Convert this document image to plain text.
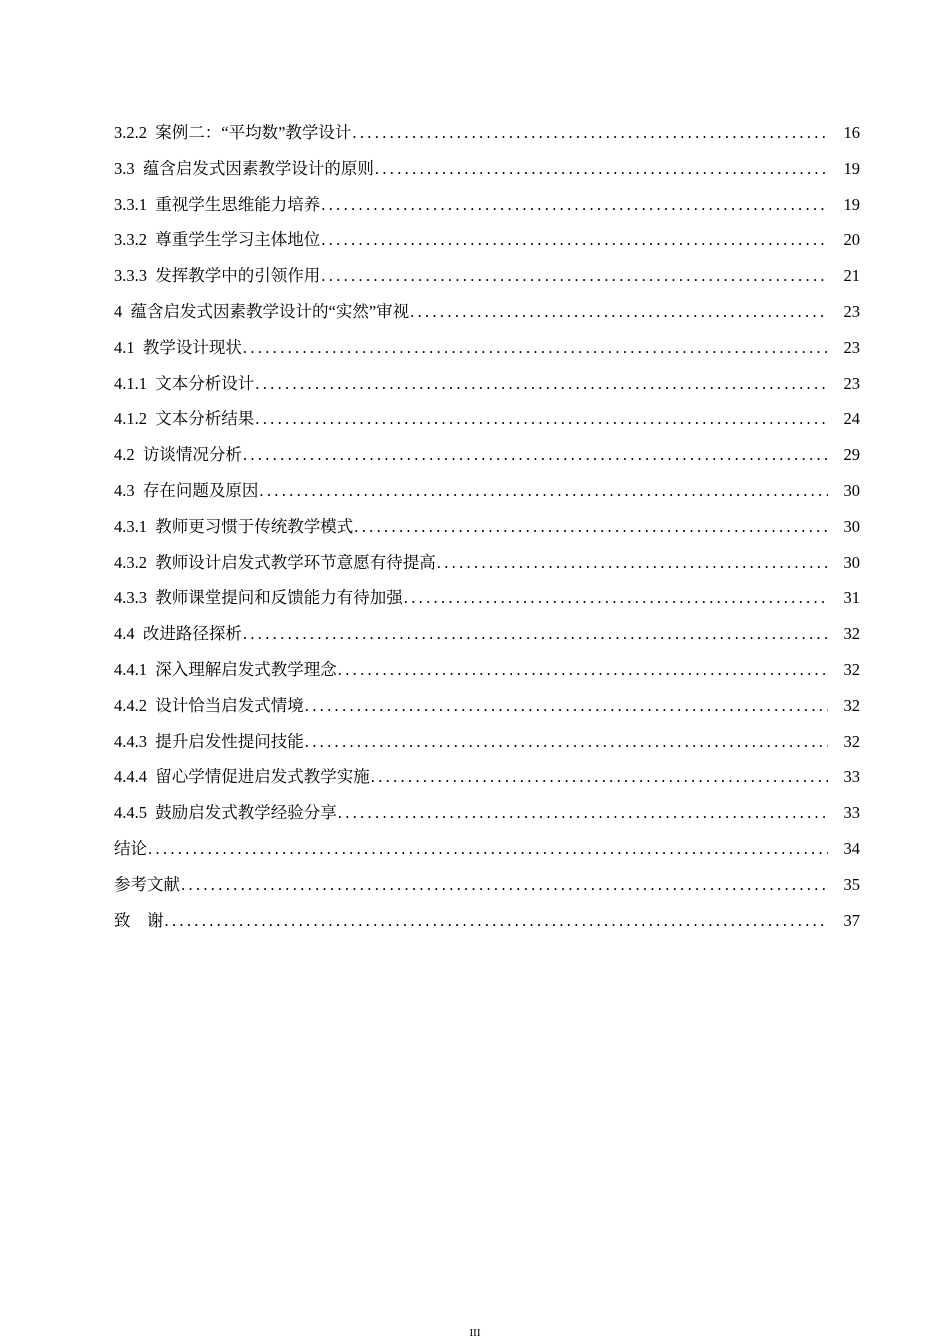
3.2.2  案例二：“平均数”教学设计 . . .	16
3.3  蕴含启发式因素教学设计的原则 . . .	19
3.3.1  重视学生思维能力培养 . . .	19
3.3.2  尊重学生学习主体地位 . . .	20
3.3.3  发挥教学中的引领作用 . . .	21
4  蕴含启发式因素教学设计的“实然”审视 . . .	23
4.1  教学设计现状 . . .	23
4.1.1  文本分析设计 . . .	23
4.1.2  文本分析结果 . . .	24
4.2  访谈情况分析 . . .	29
4.3  存在问题及原因 . . .	30
4.3.1  教师更习惯于传统教学模式 . . .	30
4.3.2  教师设计启发式教学环节意愿有待提高 . . .	30
4.3.3  教师课堂提问和反馈能力有待加强 . . .	31
4.4  改进路径探析 . . .	32
4.4.1  深入理解启发式教学理念 . . .	32
4.4.2  设计恰当启发式情境 . . .	32
4.4.3  提升启发性提问技能 . . .	32
4.4.4  留心学情促进启发式教学实施 . . .	33
4.4.5  鼓励启发式教学经验分享 . . .	33
结论 . . .	34
参考文献 . . .	35
致    谢 . . .	37
III
